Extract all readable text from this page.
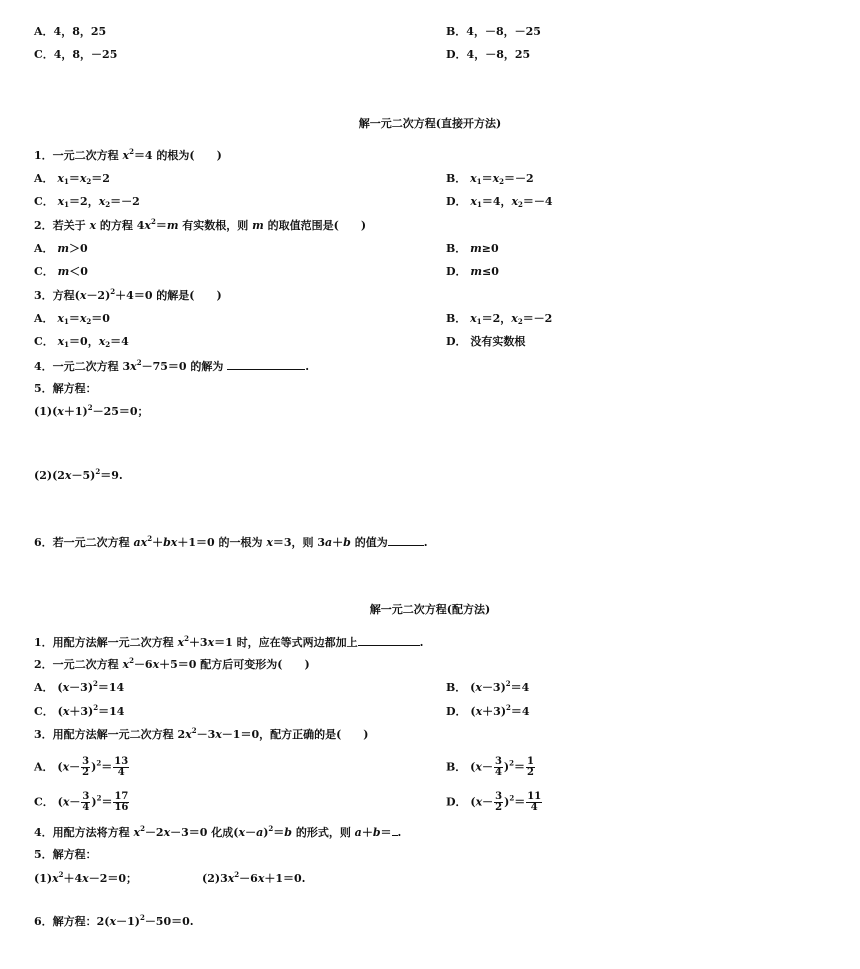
A．4，8，25	B．4，－8，－25
C．4，8，－25	D．4，－8，25
解一元二次方程(直接开方法)
1．一元二次方程 $x^2=4$ 的根为(　　)
A． $x_1=x_2=2$	B． $x_1=x_2=-2$
C． $x_1=2$，$x_2=-2$	D． $x_1=4$，$x_2=-4$
2．若关于 x 的方程 $4x^2=m$ 有实数根，则 m 的取值范围是(　　)
A． m＞0	B． m≥0
C． m＜0	D． m≤0
3．方程$(x-2)^2+4=0$ 的解是(　　)
A． $x_1=x_2=0$	B． $x_1=2$，$x_2=-2$
C． $x_1=0$，$x_2=4$	D． 没有实数根
4．一元二次方程 $3x^2-75=0$ 的解为	.
5．解方程：
$(1)(x+1)^2-25=0$；
$(2)(2x-5)^2=9$.
6．若一元二次方程 $ax^2+bx+1=0$ 的一根为 x＝3，则 3a＋b 的值为	.
解一元二次方程(配方法)
1．用配方法解一元二次方程 $x^2+3x=1$ 时，应在等式两边都加上	.
2．一元二次方程 $x^2-6x+5=0$ 配方后可变形为(　　)
A． $(x-3)^2=14$	B． $(x-3)^2=4$
C． $(x+3)^2=14$	D． $(x+3)^2=4$
3．用配方法解一元二次方程 $2x^2-3x-1=0$，配方正确的是(　　)
A． $(x- \frac{3}{2} )^2= \frac{13}{4}$	B． $(x- \frac{3}{4} )^2= \frac{1}{2}$
C． $(x- \frac{3}{4} )^2= \frac{17}{16}$	D． $(x- \frac{3}{2} )^2= \frac{11}{4}$
4．用配方法将方程 $x^2-2x-3=0$ 化成$(x-a)^2=b$ 的形式，则 a＋b＝ .
5．解方程：
$(1)x^2+4x-2=0$；	$(2)3x^2-6x+1=0$.
6．解方程：$2(x-1)^2-50=0$.
